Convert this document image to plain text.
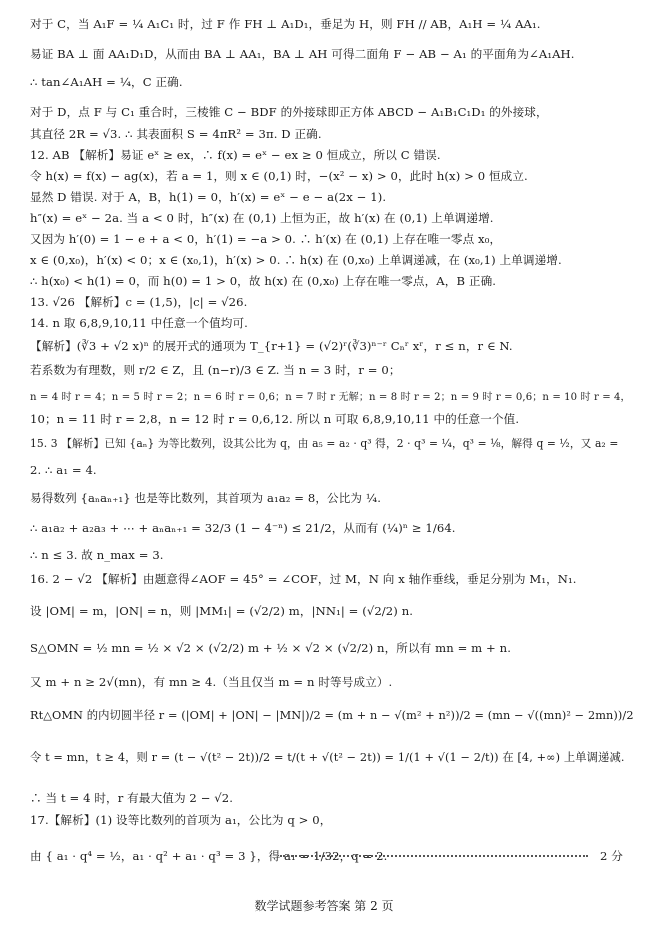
对于 C，当 A₁F = ¼ A₁C₁ 时，过 F 作 FH ⊥ A₁D₁，垂足为 H，则 FH // AB，A₁H = ¼ AA₁.
易证 BA ⊥ 面 AA₁D₁D，从而由 BA ⊥ AA₁，BA ⊥ AH 可得二面角 F − AB − A₁ 的平面角为∠A₁AH.
∴ tan∠A₁AH = ¼，C 正确.
对于 D，点 F 与 C₁ 重合时，三棱锥 C − BDF 的外接球即正方体 ABCD − A₁B₁C₁D₁ 的外接球，
其直径 2R = √3. ∴ 其表面积 S = 4πR² = 3π. D 正确.
12. AB 【解析】易证 eˣ ≥ ex，∴ f(x) = eˣ − ex ≥ 0 恒成立，所以 C 错误.
令 h(x) = f(x) − ag(x)，若 a = 1，则 x ∈ (0,1) 时，−(x² − x) > 0，此时 h(x) > 0 恒成立.
显然 D 错误. 对于 A，B，h(1) = 0，h′(x) = eˣ − e − a(2x − 1).
h″(x) = eˣ − 2a. 当 a < 0 时，h″(x) 在 (0,1) 上恒为正，故 h′(x) 在 (0,1) 上单调递增.
又因为 h′(0) = 1 − e + a < 0，h′(1) = −a > 0. ∴ h′(x) 在 (0,1) 上存在唯一零点 x₀，
x ∈ (0,x₀)，h′(x) < 0；x ∈ (x₀,1)，h′(x) > 0. ∴ h(x) 在 (0,x₀) 上单调递减，在 (x₀,1) 上单调递增.
∴ h(x₀) < h(1) = 0，而 h(0) = 1 > 0，故 h(x) 在 (0,x₀) 上存在唯一零点，A，B 正确.
13. √26 【解析】c = (1,5)，|c| = √26.
14. n 取 6,8,9,10,11 中任意一个值均可.
【解析】(∛3 + √2 x)ⁿ 的展开式的通项为 T_{r+1} = (√2)ʳ(∛3)ⁿ⁻ʳ Cₙʳ xʳ，r ≤ n，r ∈ N.
若系数为有理数，则 r/2 ∈ Z，且 (n−r)/3 ∈ Z. 当 n = 3 时，r = 0；
n = 4 时 r = 4；n = 5 时 r = 2；n = 6 时 r = 0,6；n = 7 时 r 无解；n = 8 时 r = 2；n = 9 时 r = 0,6；n = 10 时 r = 4，
10；n = 11 时 r = 2,8，n = 12 时 r = 0,6,12. 所以 n 可取 6,8,9,10,11 中的任意一个值.
15. 3 【解析】已知 {aₙ} 为等比数列，设其公比为 q，由 a₅ = a₂ · q³ 得，2 · q³ = ¼，q³ = ⅛，解得 q = ½，又 a₂ =
2. ∴ a₁ = 4.
易得数列 {aₙaₙ₊₁} 也是等比数列，其首项为 a₁a₂ = 8，公比为 ¼.
∴ a₁a₂ + a₂a₃ + ⋯ + aₙaₙ₊₁ = 32/3 (1 − 4⁻ⁿ) ≤ 21/2，从而有 (¼)ⁿ ≥ 1/64.
∴ n ≤ 3. 故 n_max = 3.
16. 2 − √2 【解析】由题意得∠AOF = 45° = ∠COF，过 M，N 向 x 轴作垂线，垂足分别为 M₁，N₁.
设 |OM| = m，|ON| = n，则 |MM₁| = (√2/2) m，|NN₁| = (√2/2) n.
S△OMN = ½ mn = ½ × √2 × (√2/2) m + ½ × √2 × (√2/2) n，所以有 mn = m + n.
又 m + n ≥ 2√(mn)，有 mn ≥ 4.（当且仅当 m = n 时等号成立）.
Rt△OMN 的内切圆半径 r = (|OM| + |ON| − |MN|)/2 = (m + n − √(m² + n²))/2 = (mn − √((mn)² − 2mn))/2
令 t = mn，t ≥ 4，则 r = (t − √(t² − 2t))/2 = t/(t + √(t² − 2t)) = 1/(1 + √(1 − 2/t)) 在 [4, +∞) 上单调递减.
∴ 当 t = 4 时，r 有最大值为 2 − √2.
17.【解析】(1) 设等比数列的首项为 a₁，公比为 q > 0，
由 { a₁ · q⁴ = ½，a₁ · q² + a₁ · q³ = 3 }，得 a₁ = 1/32，q = 2.	2 分
数学试题参考答案 第 2 页
